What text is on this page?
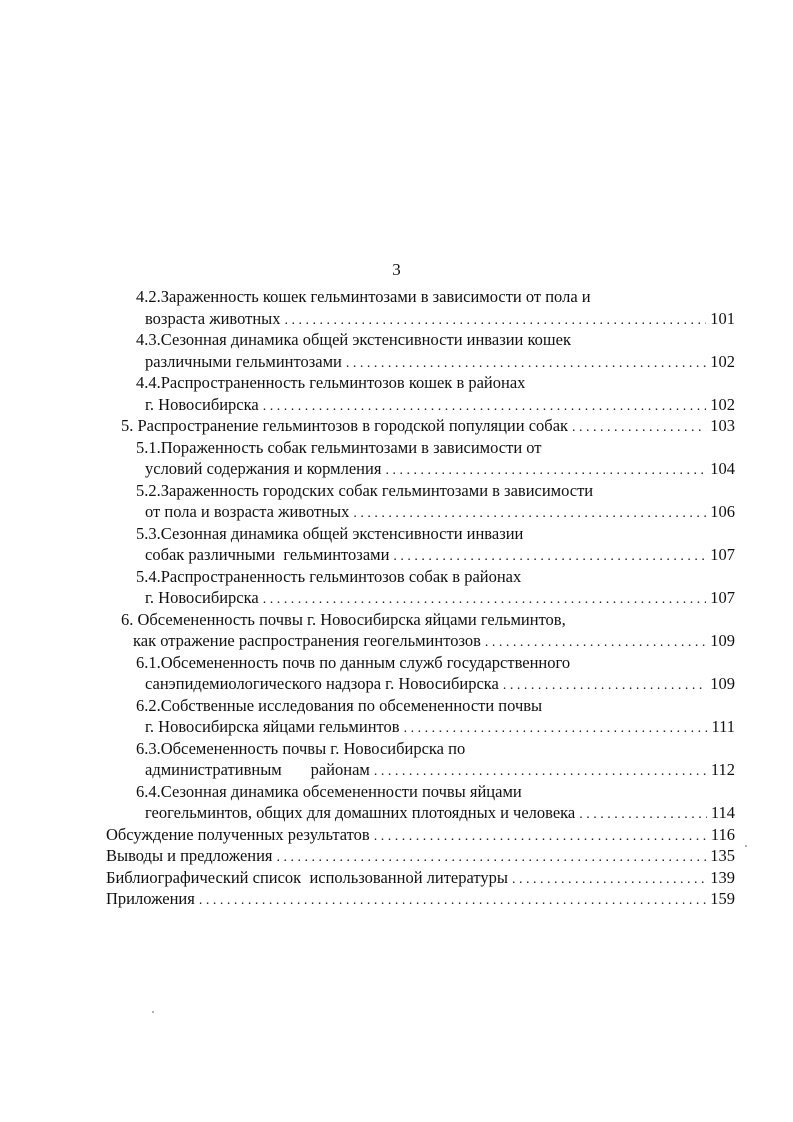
3
4.2.Зараженность кошек гельминтозами в зависимости от пола и
возраста животных . . .	101
4.3.Сезонная динамика общей экстенсивности инвазии кошек
различными гельминтозами . . .	102
4.4.Распространенность гельминтозов кошек в районах
г. Новосибирска . . .	102
5. Распространение гельминтозов в городской популяции собак . . .	103
5.1.Пораженность собак гельминтозами в зависимости от
условий содержания и кормления . . .	104
5.2.Зараженность городских собак гельминтозами в зависимости
от пола и возраста животных . . .	106
5.3.Сезонная динамика общей экстенсивности инвазии
собак различными  гельминтозами . . .	107
5.4.Распространенность гельминтозов собак в районах
г. Новосибирска . . .	107
6. Обсемененность почвы г. Новосибирска яйцами гельминтов,
как отражение распространения геогельминтозов . . .	109
6.1.Обсемененность почв по данным служб государственного
санэпидемиологического надзора г. Новосибирска . . .	109
6.2.Собственные исследования по обсемененности почвы
г. Новосибирска яйцами гельминтов . . .	111
6.3.Обсемененность почвы г. Новосибирска по
административным       районам . . .	112
6.4.Сезонная динамика обсемененности почвы яйцами
геогельминтов, общих для домашних плотоядных и человека . . .	114
Обсуждение полученных результатов . . .	116
Выводы и предложения . . .	135
Библиографический список  использованной литературы . . .	139
Приложения . . .	159
